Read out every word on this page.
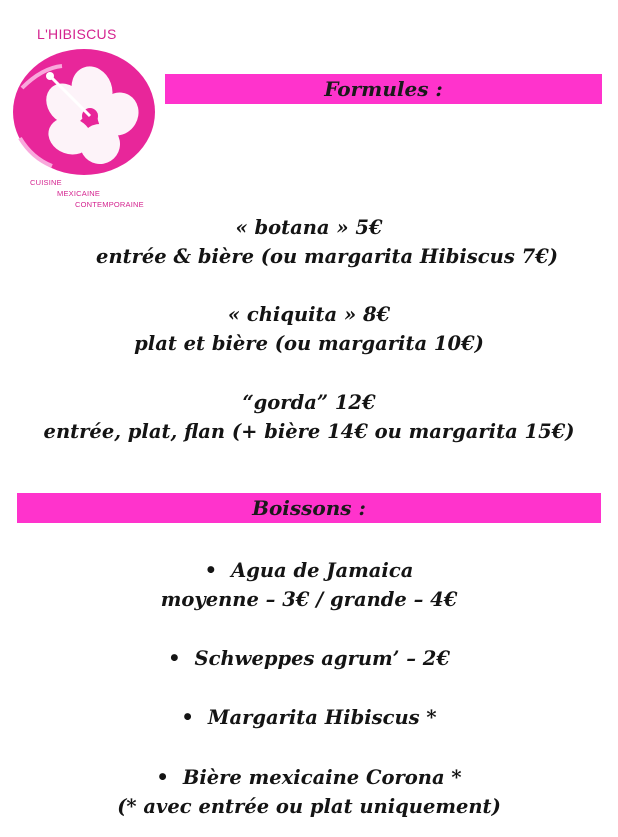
L'HIBISCUS
CUISINE
MEXICAINE
CONTEMPORAINE
Formules :
« botana » 5€
entrée & bière (ou margarita Hibiscus 7€)
« chiquita » 8€
plat et bière (ou margarita 10€)
“gorda” 12€
entrée, plat, flan (+ bière 14€ ou margarita 15€)
Boissons :
• Agua de Jamaica
moyenne – 3€ / grande – 4€
• Schweppes agrum’ – 2€
• Margarita Hibiscus *
• Bière mexicaine Corona *
(* avec entrée ou plat uniquement)
